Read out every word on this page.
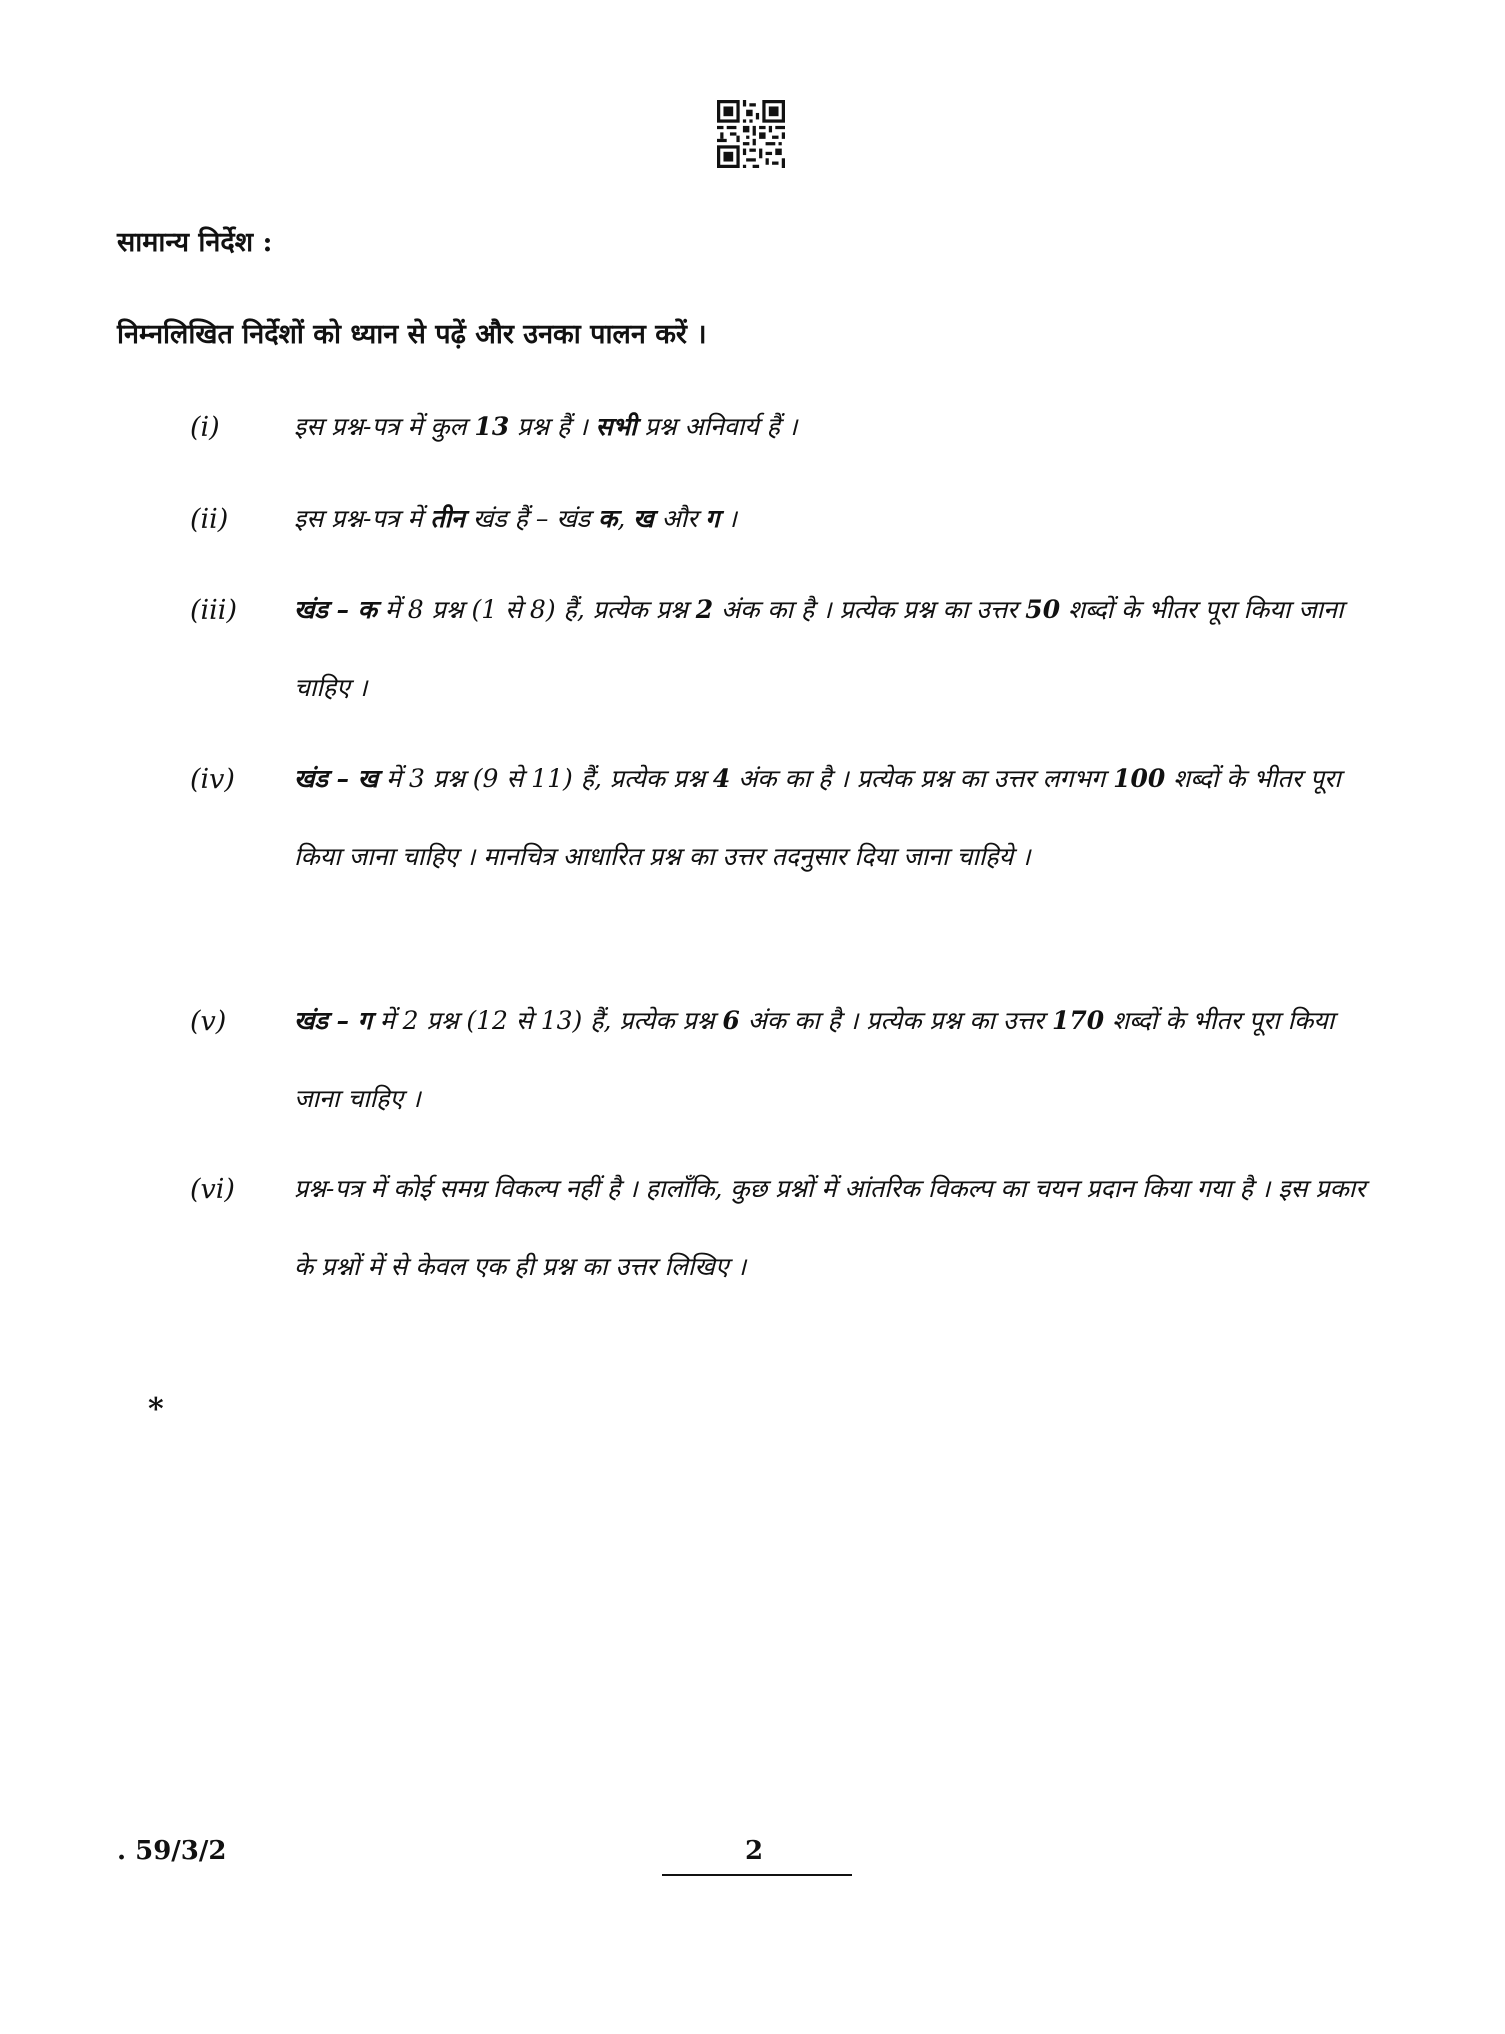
सामान्य निर्देश :
निम्नलिखित निर्देशों को ध्यान से पढ़ें और उनका पालन करें ।
(i)	इस प्रश्न-पत्र में कुल 13 प्रश्न हैं । सभी प्रश्न अनिवार्य हैं ।
(ii)	इस प्रश्न-पत्र में तीन खंड हैं – खंड क, ख और ग ।
(iii) खंड – क में 8 प्रश्न (1 से 8) हैं, प्रत्येक प्रश्न 2 अंक का है । प्रत्येक प्रश्न का उत्तर 50 शब्दों के भीतर पूरा किया जाना चाहिए ।
(iv) खंड – ख में 3 प्रश्न (9 से 11) हैं, प्रत्येक प्रश्न 4 अंक का है । प्रत्येक प्रश्न का उत्तर लगभग 100 शब्दों के भीतर पूरा किया जाना चाहिए । मानचित्र आधारित प्रश्न का उत्तर तदनुसार दिया जाना चाहिये ।
(v)	खंड – ग में 2 प्रश्न (12 से 13) हैं, प्रत्येक प्रश्न 6 अंक का है । प्रत्येक प्रश्न का उत्तर 170 शब्दों के भीतर पूरा किया जाना चाहिए ।
(vi) प्रश्न-पत्र में कोई समग्र विकल्प नहीं है । हालाँकि, कुछ प्रश्नों में आंतरिक विकल्प का चयन प्रदान किया गया है । इस प्रकार के प्रश्नों में से केवल एक ही प्रश्न का उत्तर लिखिए ।
*
. 59/3/2	2
